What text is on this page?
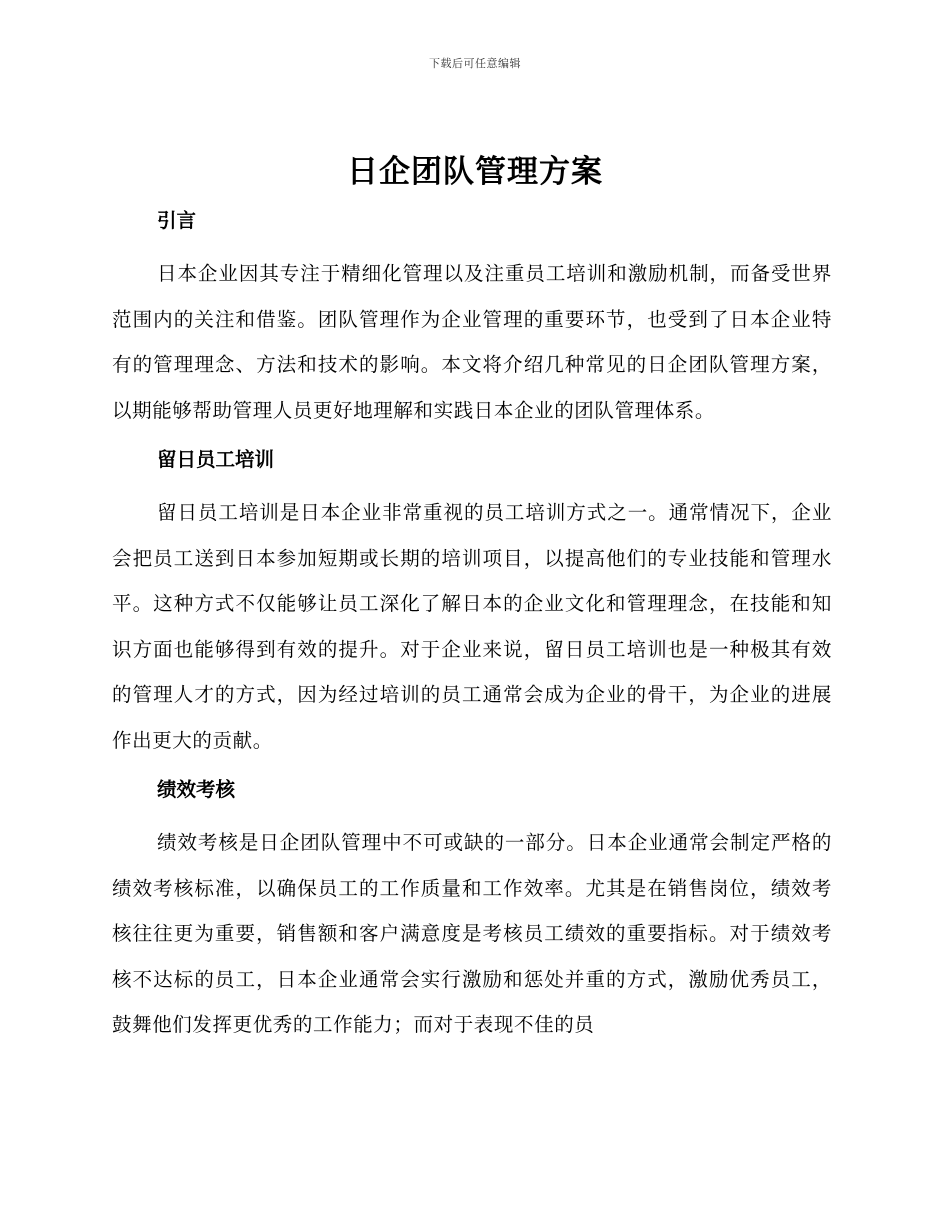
下载后可任意编辑
日企团队管理方案
引言

日本企业因其专注于精细化管理以及注重员工培训和激励机制，而备受世界范围内的关注和借鉴。团队管理作为企业管理的重要环节，也受到了日本企业特有的管理理念、方法和技术的影响。本文将介绍几种常见的日企团队管理方案，以期能够帮助管理人员更好地理解和实践日本企业的团队管理体系。

留日员工培训

留日员工培训是日本企业非常重视的员工培训方式之一。通常情况下，企业会把员工送到日本参加短期或长期的培训项目，以提高他们的专业技能和管理水平。这种方式不仅能够让员工深化了解日本的企业文化和管理理念，在技能和知识方面也能够得到有效的提升。对于企业来说，留日员工培训也是一种极其有效的管理人才的方式，因为经过培训的员工通常会成为企业的骨干，为企业的进展作出更大的贡献。

绩效考核

绩效考核是日企团队管理中不可或缺的一部分。日本企业通常会制定严格的绩效考核标准，以确保员工的工作质量和工作效率。尤其是在销售岗位，绩效考核往往更为重要，销售额和客户满意度是考核员工绩效的重要指标。对于绩效考核不达标的员工，日本企业通常会实行激励和惩处并重的方式，激励优秀员工，鼓舞他们发挥更优秀的工作能力；而对于表现不佳的员
